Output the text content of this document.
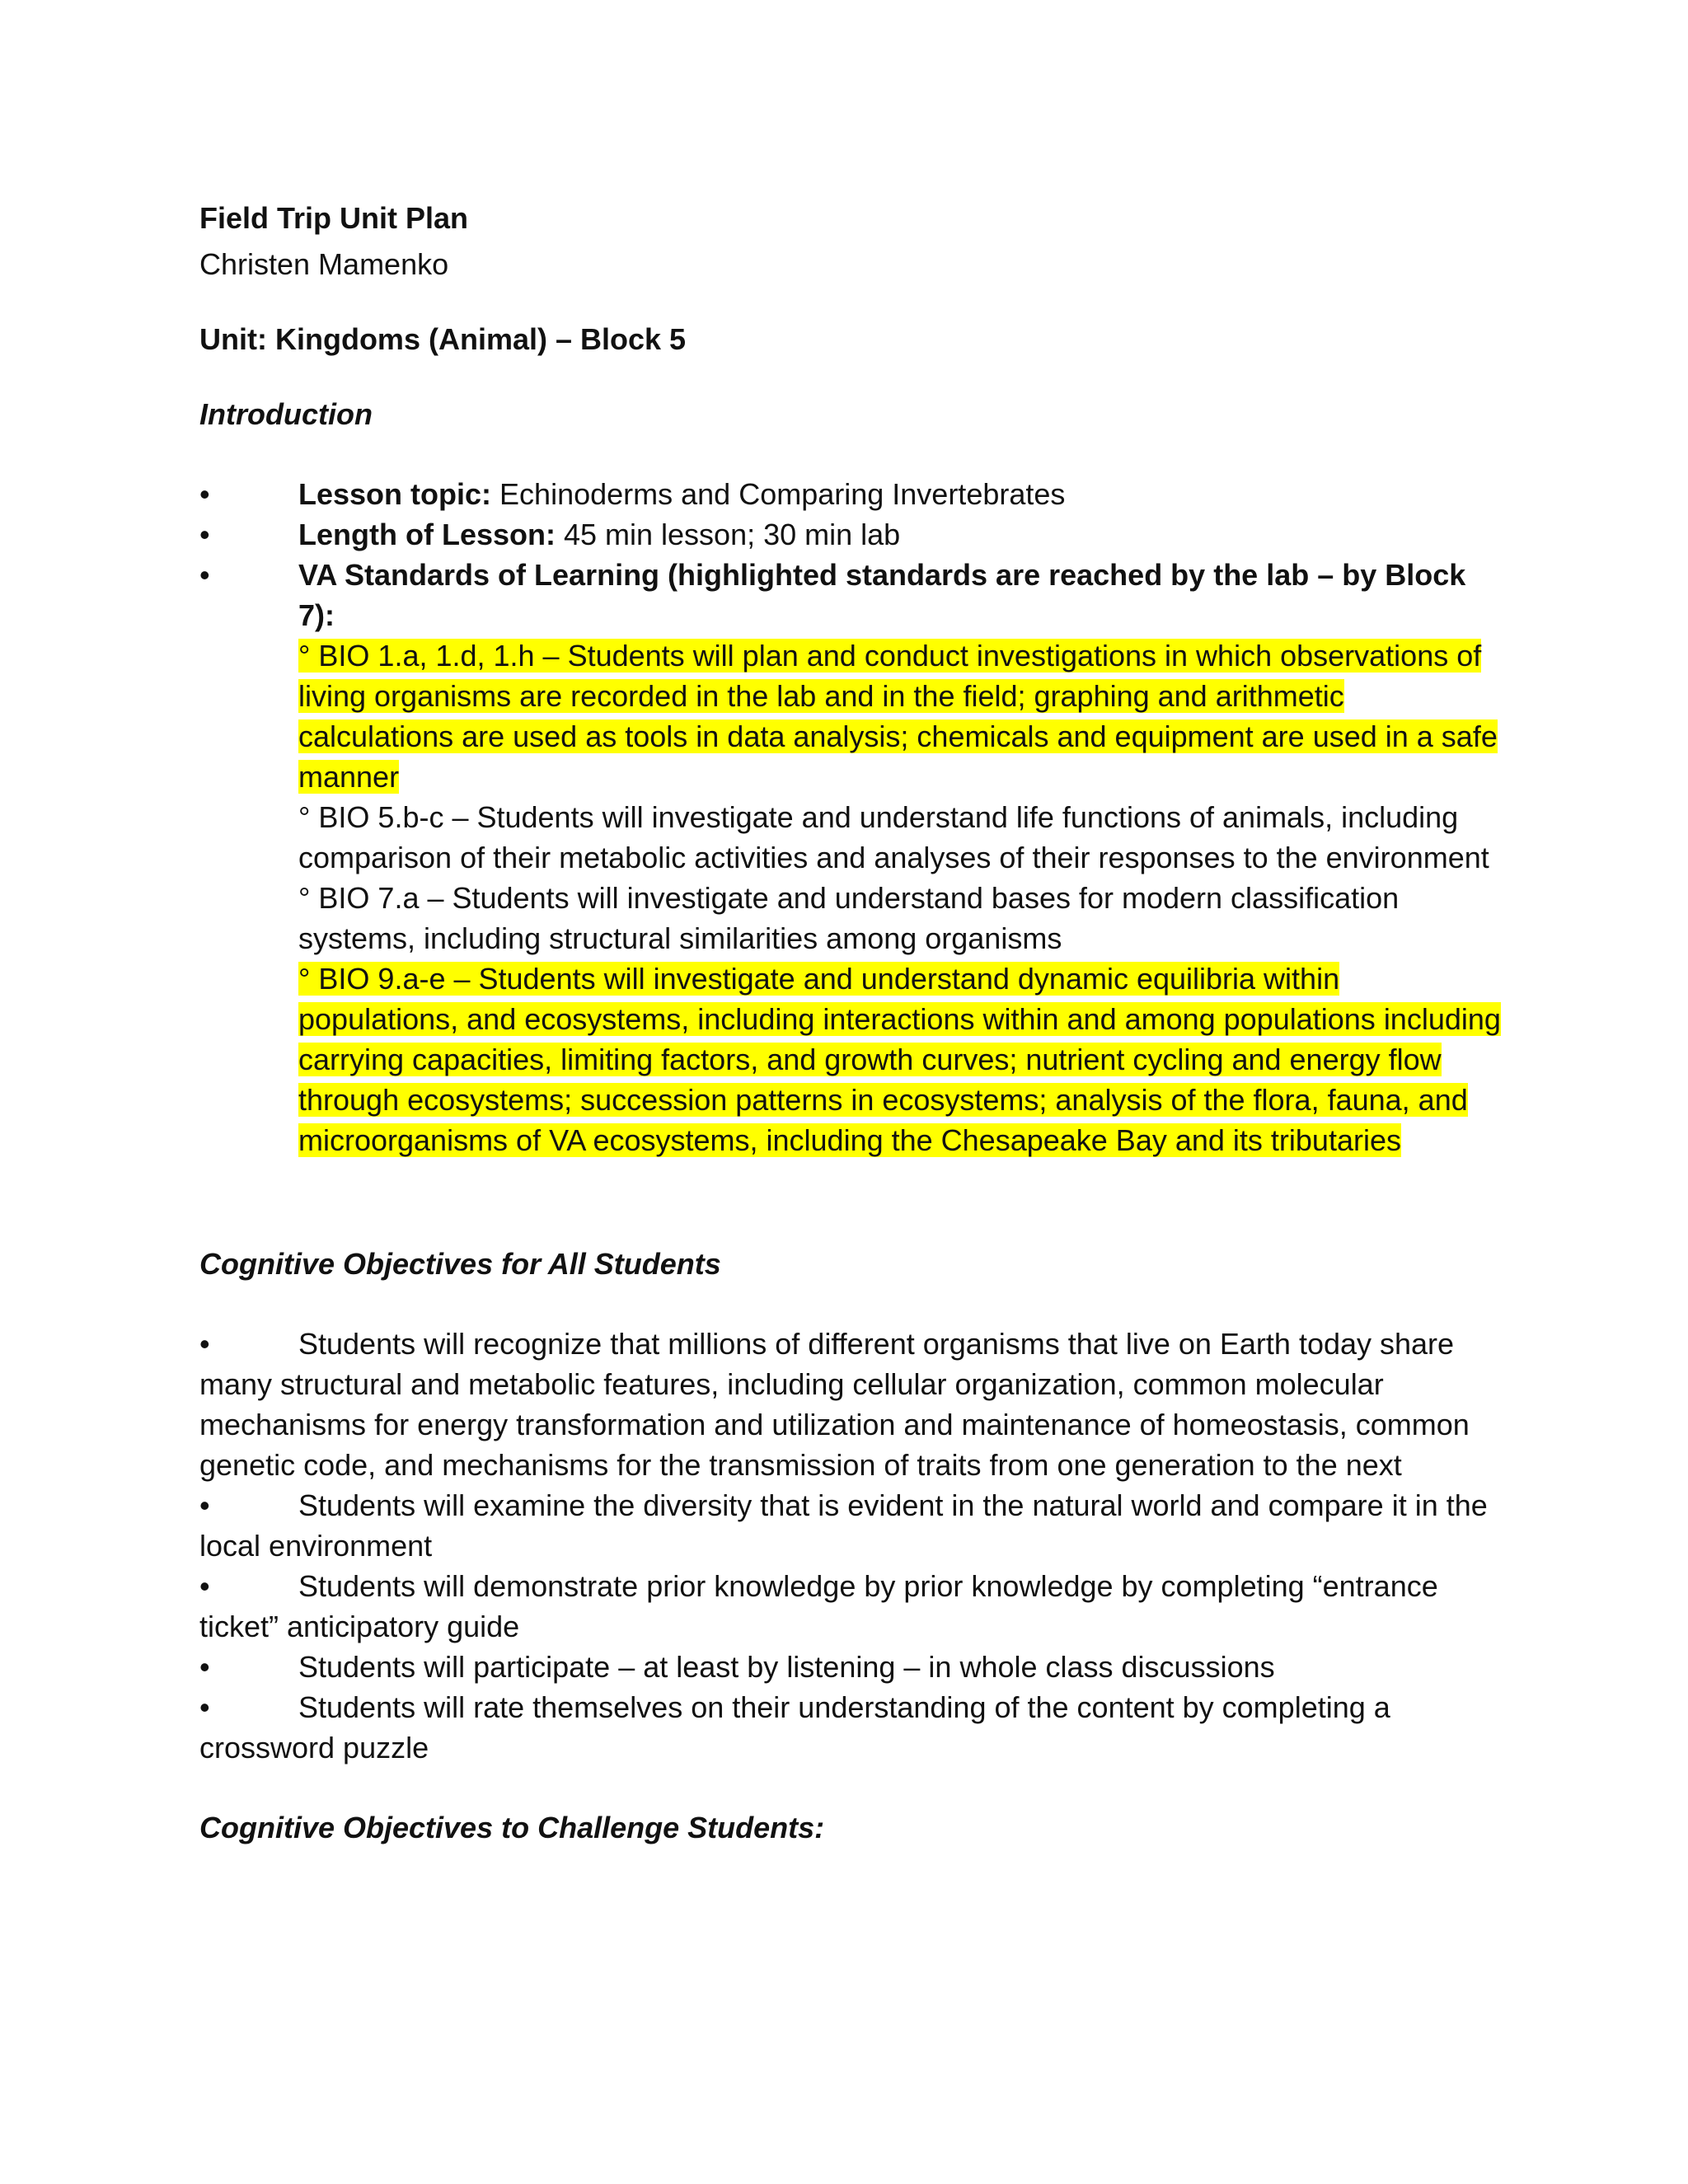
Field Trip Unit Plan

Christen Mamenko

Unit: Kingdoms (Animal) – Block 5

Introduction

•	Lesson topic: Echinoderms and Comparing Invertebrates
•	Length of Lesson: 45 min lesson; 30 min lab
•	VA Standards of Learning (highlighted standards are reached by the lab – by Block 7):

° BIO 1.a, 1.d, 1.h – Students will plan and conduct investigations in which observations of living organisms are recorded in the lab and in the field; graphing and arithmetic calculations are used as tools in data analysis; chemicals and equipment are used in a safe manner

° BIO 5.b-c – Students will investigate and understand life functions of animals, including comparison of their metabolic activities and analyses of their responses to the environment

° BIO 7.a – Students will investigate and understand bases for modern classification systems, including structural similarities among organisms

° BIO 9.a-e – Students will investigate and understand dynamic equilibria within populations, and ecosystems, including interactions within and among populations including carrying capacities, limiting factors, and growth curves; nutrient cycling and energy flow through ecosystems; succession patterns in ecosystems; analysis of the flora, fauna, and microorganisms of VA ecosystems, including the Chesapeake Bay and its tributaries

Cognitive Objectives for All Students

•	Students will recognize that millions of different organisms that live on Earth today share many structural and metabolic features, including cellular organization, common molecular mechanisms for energy transformation and utilization and maintenance of homeostasis, common genetic code, and mechanisms for the transmission of traits from one generation to the next

•	Students will examine the diversity that is evident in the natural world and compare it in the local environment

•	Students will demonstrate prior knowledge by prior knowledge by completing “entrance ticket” anticipatory guide

•	Students will participate – at least by listening – in whole class discussions

•	Students will rate themselves on their understanding of the content by completing a crossword puzzle

Cognitive Objectives to Challenge Students:
